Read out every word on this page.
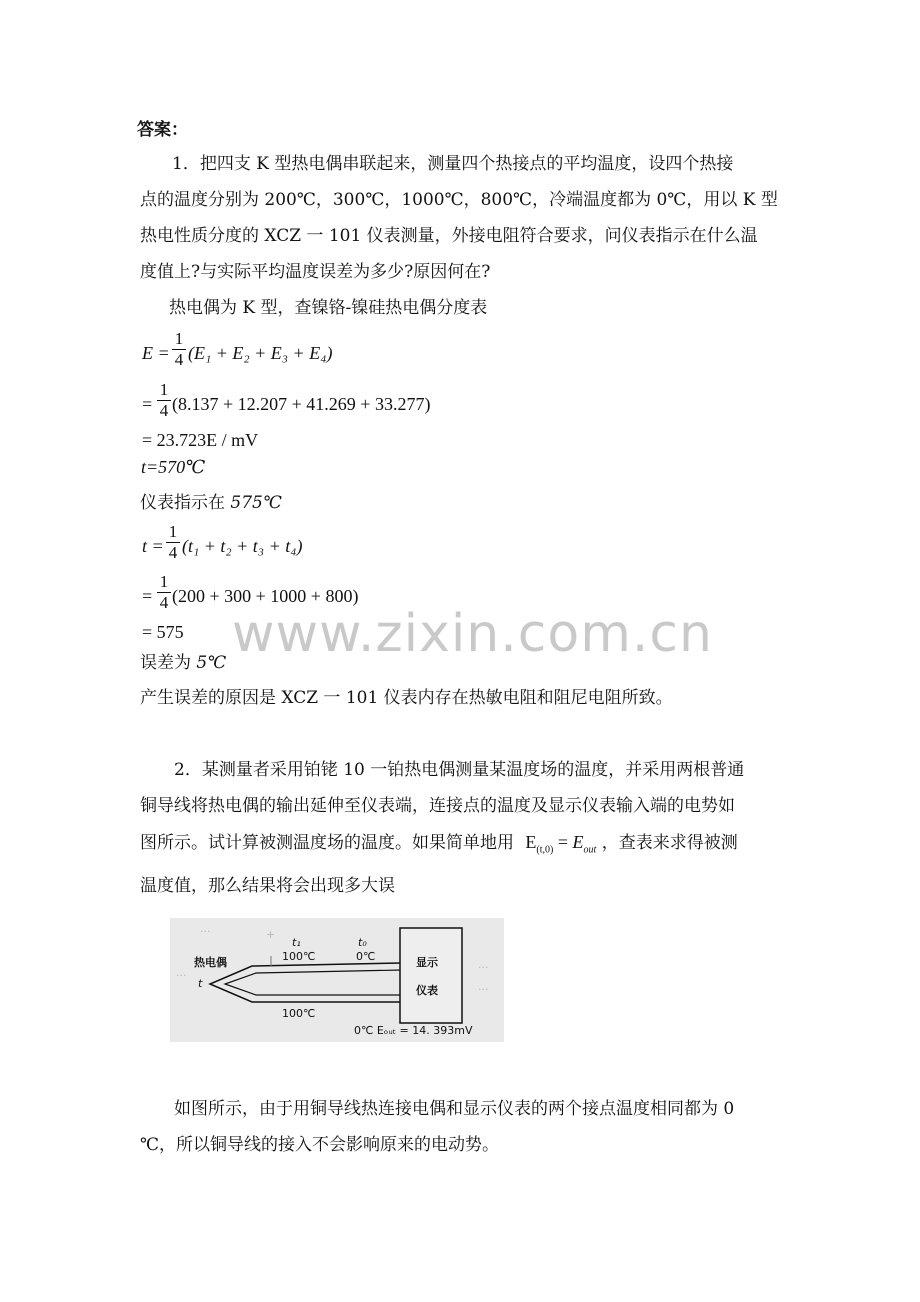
答案：
1．把四支 K 型热电偶串联起来，测量四个热接点的平均温度，设四个热接
点的温度分别为 200℃，300℃，1000℃，800℃，冷端温度都为 0℃，用以 K 型
热电性质分度的 XCZ 一 101 仪表测量，外接电阻符合要求，问仪表指示在什么温
度值上?与实际平均温度误差为多少?原因何在?
热电偶为 K 型，查镍铬-镍硅热电偶分度表
E =
1
4 (E₁ + E₂ + E₃ + E₄)
=
1
4 (8.137 + 12.207 + 41.269 + 33.277)
= 23.723E / mV
t=570℃
仪表指示在 575℃
t =
1
4 (t₁ + t₂ + t₃ + t₄)
=
1
4 (200 + 300 + 1000 + 800)
= 575 www.zixin.com.cn
误差为 5℃
产生误差的原因是 XCZ 一 101 仪表内存在热敏电阻和阻尼电阻所致。
2．某测量者采用铂铑 10 一铂热电偶测量某温度场的温度，并采用两根普通
铜导线将热电偶的输出延伸至仪表端，连接点的温度及显示仪表输入端的电势如
图所示。试计算被测温度场的温度。如果简单地用 $E_{(t,0)} = E_{out}$ ，查表来求得被测
温度值，那么结果将会出现多大误
...	+
...
...
...
热电偶
t
t₁
100℃
t₀
0℃
100℃
显示
仪表
0℃ Eₒᵤₜ = 14. 393mV
如图所示，由于用铜导线热连接电偶和显示仪表的两个接点温度相同都为 0
℃，所以铜导线的接入不会影响原来的电动势。
